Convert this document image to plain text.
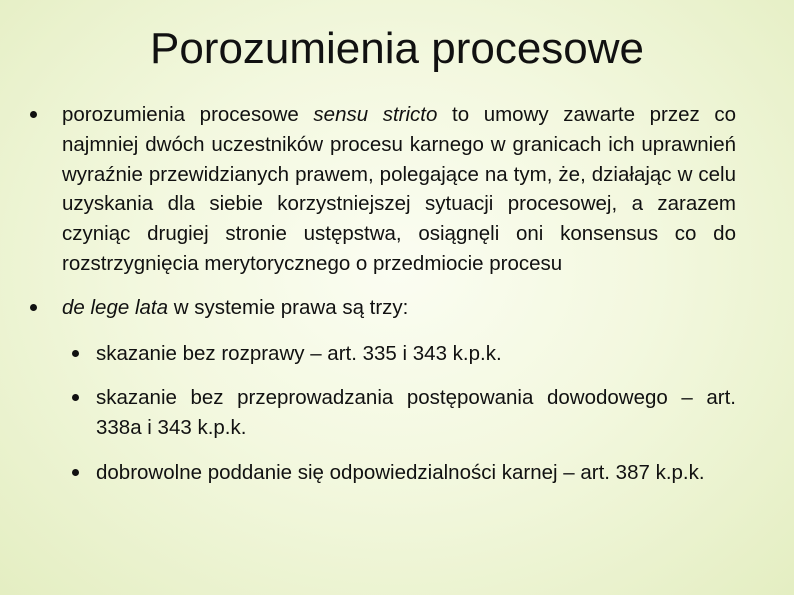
Porozumienia procesowe
porozumienia procesowe sensu stricto to umowy zawarte przez co najmniej dwóch uczestników procesu karnego w granicach ich uprawnień wyraźnie przewidzianych prawem, polegające na tym, że, działając w celu uzyskania dla siebie korzystniejszej sytuacji procesowej, a zarazem czyniąc drugiej stronie ustępstwa, osiągnęli oni konsensus co do rozstrzygnięcia merytorycznego o przedmiocie procesu
de lege lata w systemie prawa są trzy:
skazanie bez rozprawy – art. 335 i 343 k.p.k.
skazanie bez przeprowadzania postępowania dowodowego – art. 338a i 343 k.p.k.
dobrowolne poddanie się odpowiedzialności karnej – art. 387 k.p.k.
